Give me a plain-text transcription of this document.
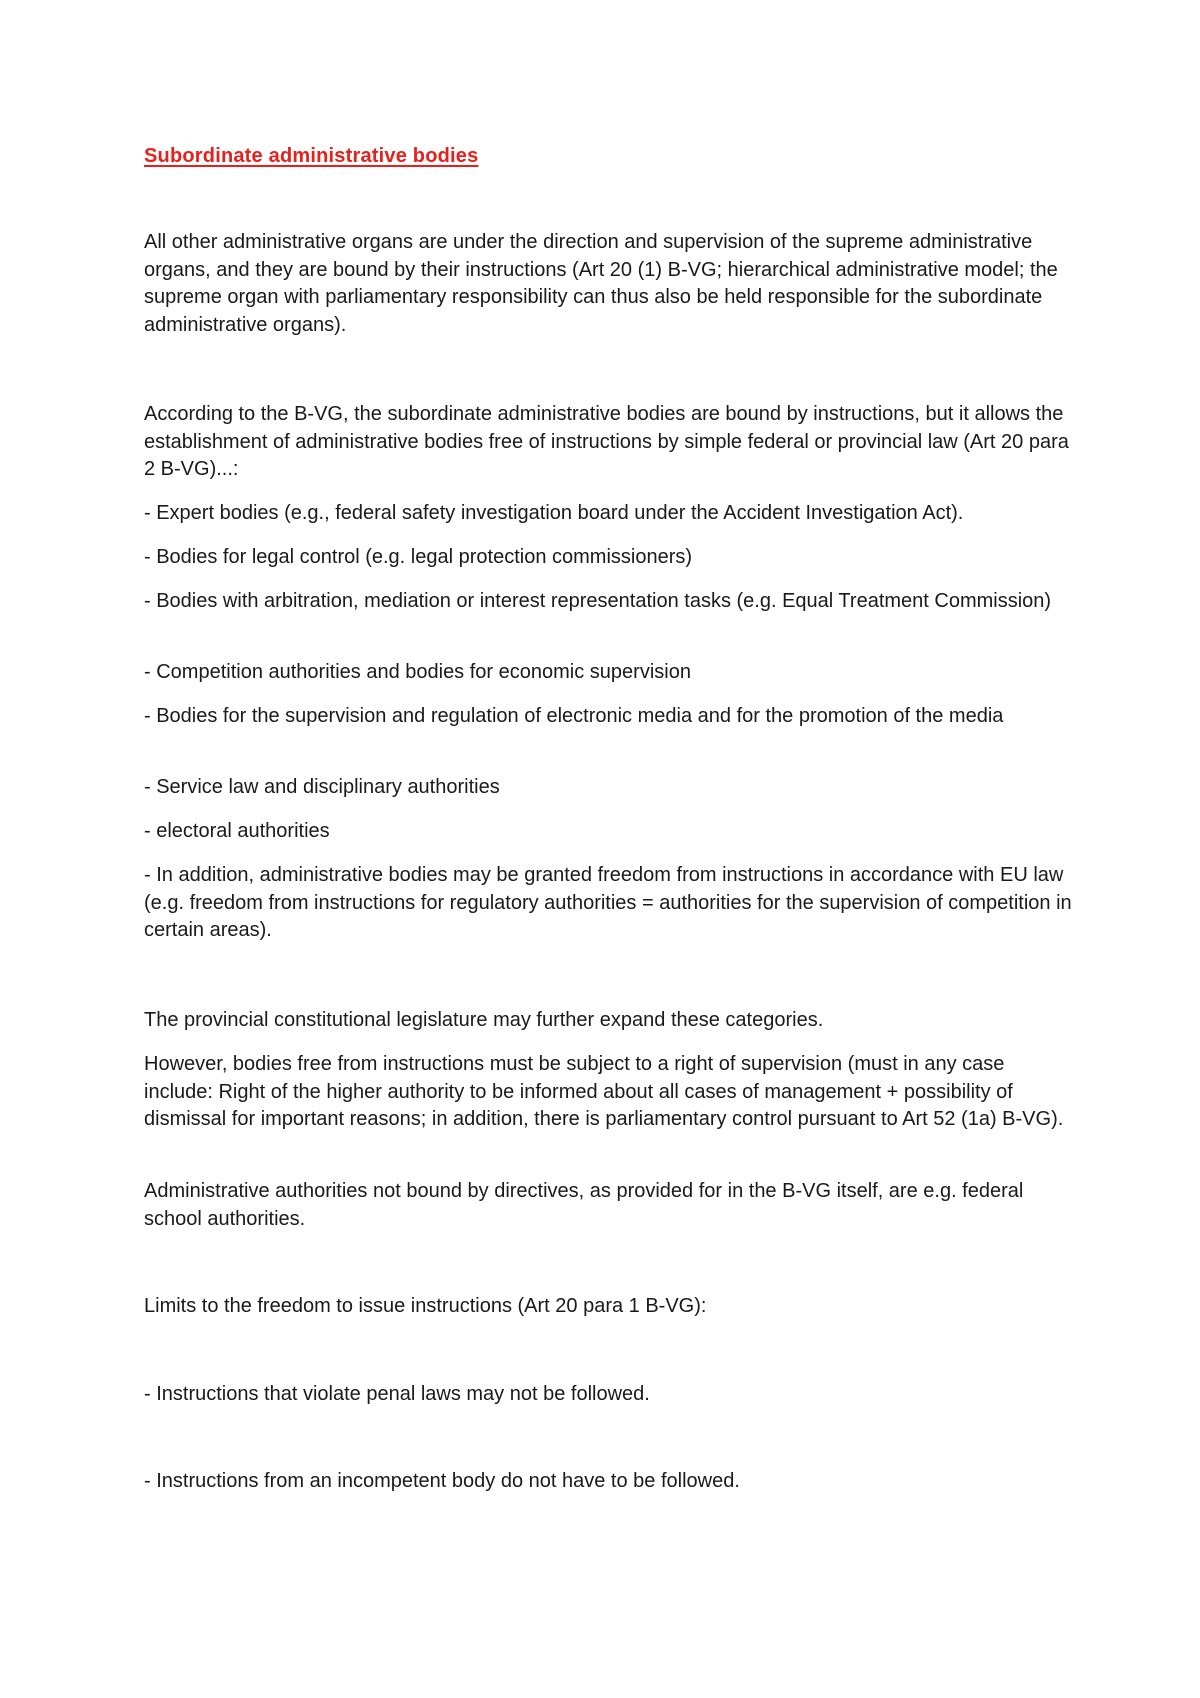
Subordinate administrative bodies

All other administrative organs are under the direction and supervision of the supreme administrative organs, and they are bound by their instructions (Art 20 (1) B-VG; hierarchical administrative model; the supreme organ with parliamentary responsibility can thus also be held responsible for the subordinate administrative organs).

According to the B-VG, the subordinate administrative bodies are bound by instructions, but it allows the establishment of administrative bodies free of instructions by simple federal or provincial law (Art 20 para 2 B-VG)...:

- Expert bodies (e.g., federal safety investigation board under the Accident Investigation Act).

- Bodies for legal control (e.g. legal protection commissioners)

- Bodies with arbitration, mediation or interest representation tasks (e.g. Equal Treatment Commission)

- Competition authorities and bodies for economic supervision

- Bodies for the supervision and regulation of electronic media and for the promotion of the media

- Service law and disciplinary authorities

- electoral authorities

- In addition, administrative bodies may be granted freedom from instructions in accordance with EU law (e.g. freedom from instructions for regulatory authorities = authorities for the supervision of competition in certain areas).

The provincial constitutional legislature may further expand these categories.

However, bodies free from instructions must be subject to a right of supervision (must in any case include: Right of the higher authority to be informed about all cases of management + possibility of dismissal for important reasons; in addition, there is parliamentary control pursuant to Art 52 (1a) B-VG).

Administrative authorities not bound by directives, as provided for in the B-VG itself, are e.g. federal school authorities.

Limits to the freedom to issue instructions (Art 20 para 1 B-VG):

- Instructions that violate penal laws may not be followed.

- Instructions from an incompetent body do not have to be followed.
